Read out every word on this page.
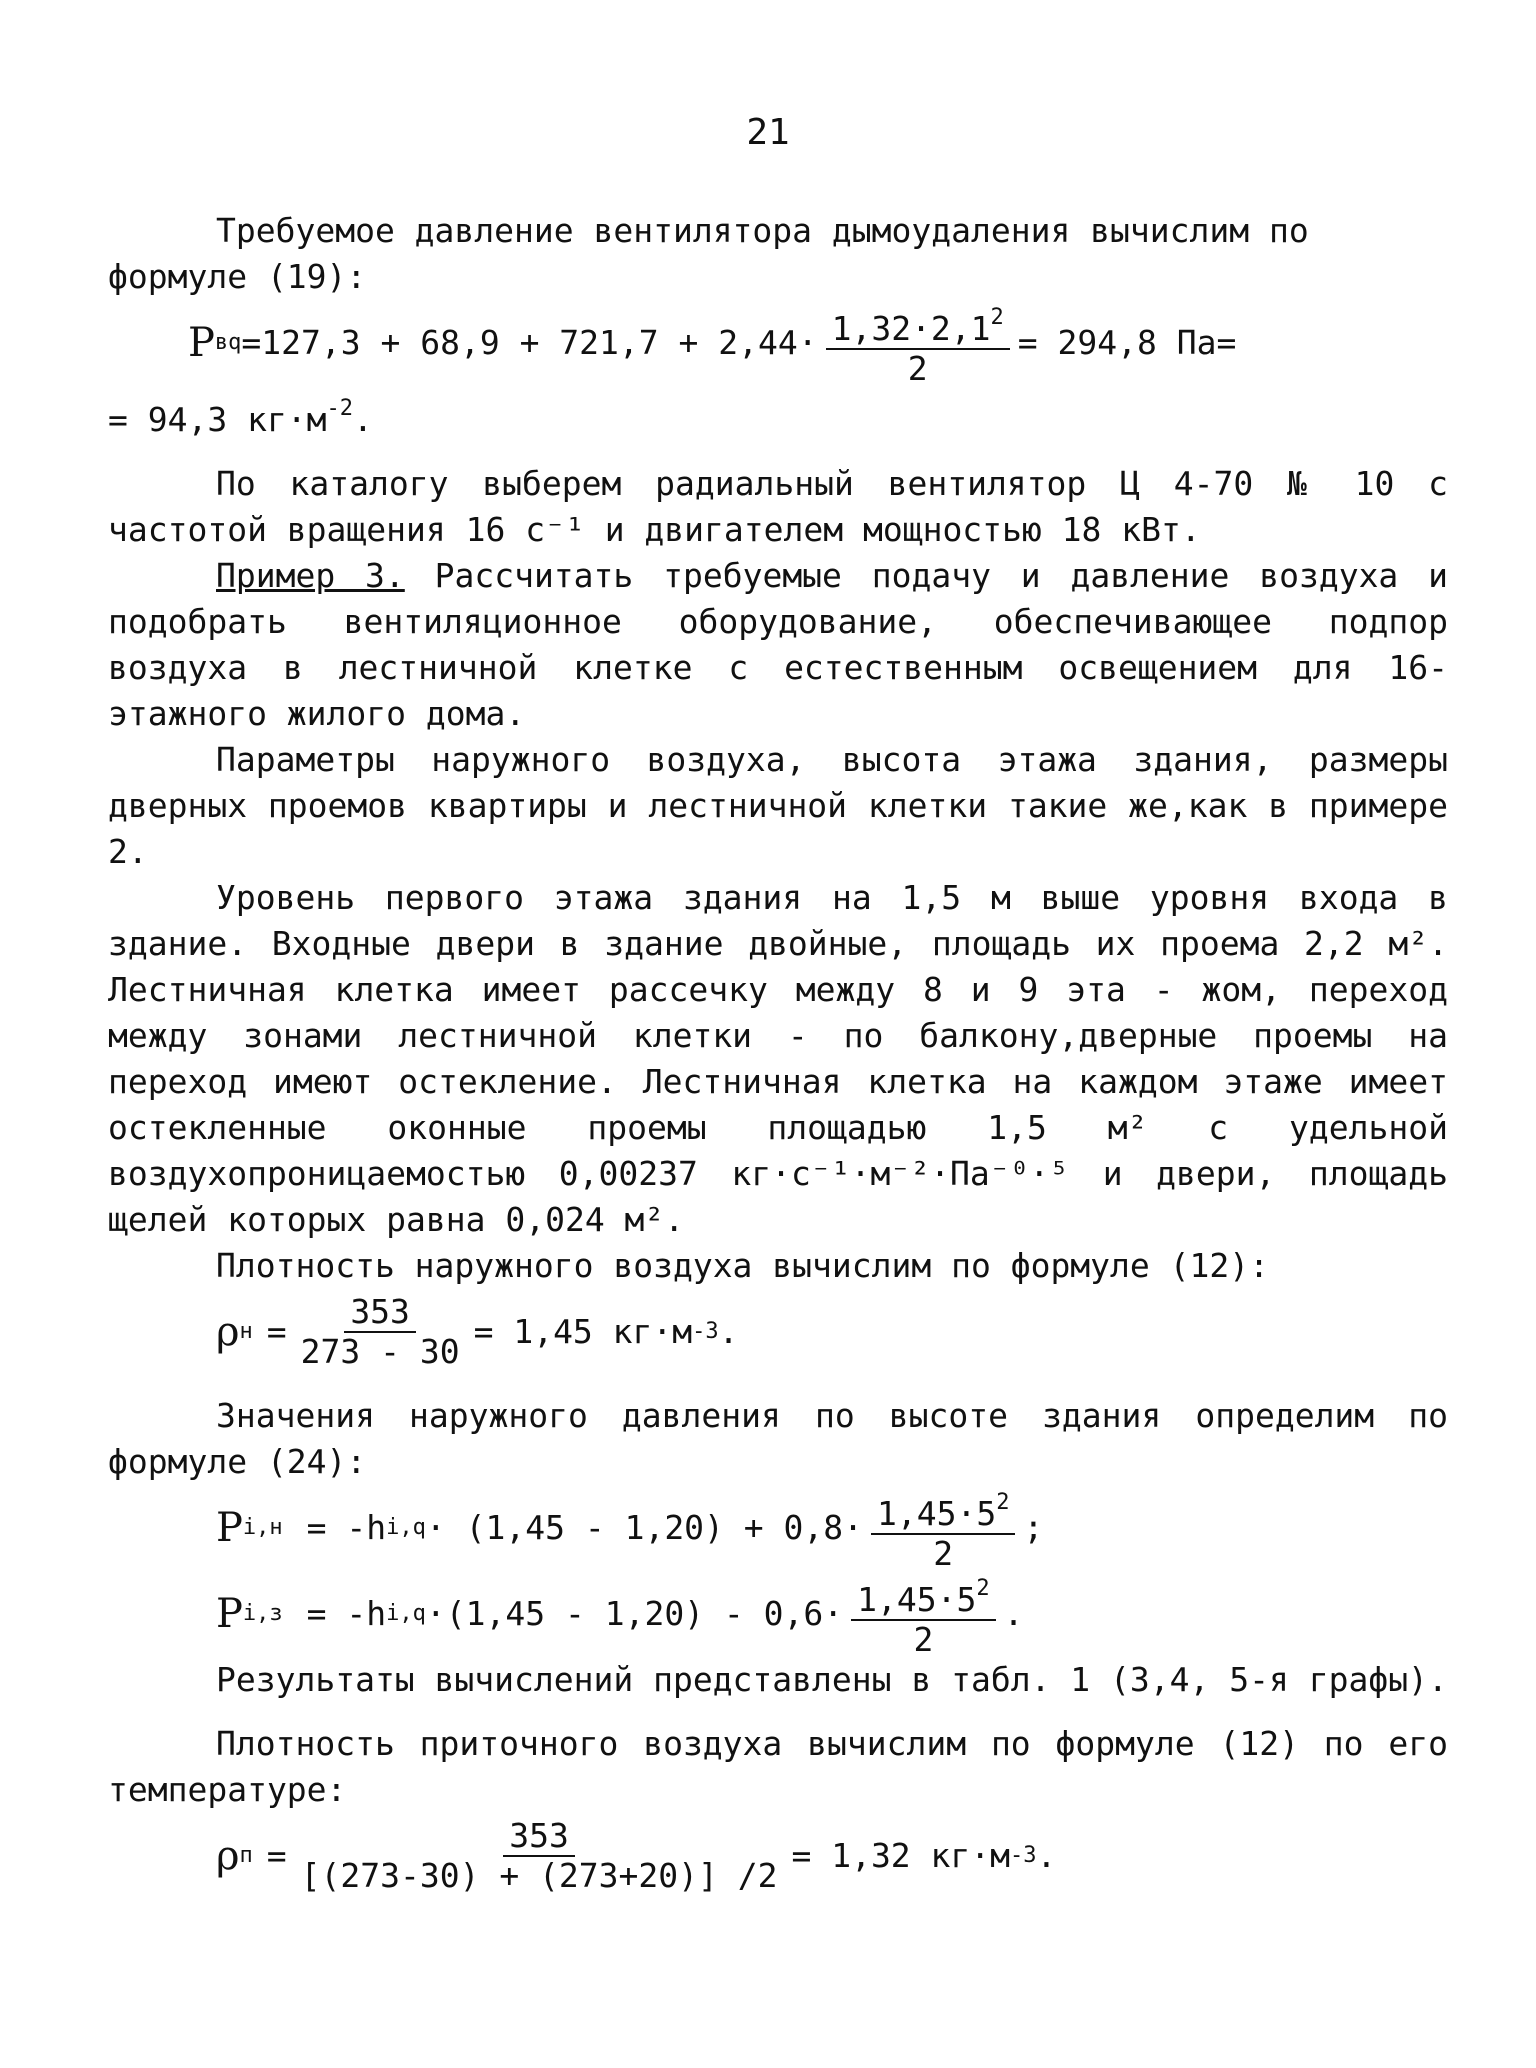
21

Требуемое давление вентилятора дымоудаления вычислим по
формуле (19):

P вq $=127,3 + 68,9 + 721,7 + 2,44\cdot \frac{1,32\cdot 2,1^2}{2} = 294,8$ Па=

= 94,3 $кг\cdot м^{-2}$.

По каталогу выберем радиальный вентилятор Ц 4-70 № 10 с частотой вращения 16 с⁻¹ и двигателем мощностью 18 кВт.

Пример 3. Рассчитать требуемые подачу и давление воздуха и подобрать вентиляционное оборудование, обеспечивающее подпор воздуха в лестничной клетке с естественным освещением для 16-этажного жилого дома.

Параметры наружного воздуха, высота этажа здания, размеры дверных проемов квартиры и лестничной клетки такие же,как в примере 2.

Уровень первого этажа здания на 1,5 м выше уровня входа в здание. Входные двери в здание двойные, площадь их проема 2,2 м². Лестничная клетка имеет рассечку между 8 и 9 эта - жом, переход между зонами лестничной клетки - по балкону,дверные проемы на переход имеют остекление. Лестничная клетка на каждом этаже имеет остекленные оконные проемы площадью 1,5 м² с удельной воздухопроницаемостью 0,00237 кг·с⁻¹·м⁻²·Па⁻⁰·⁵ и двери, площадь щелей которых равна 0,024 м².

Плотность наружного воздуха вычислим по формуле (12):

ρ $н = \frac{353}{273 - 30} = 1,45$ кг·м -3 .

Значения наружного давления по высоте здания определим по формуле (24):

P i,н = -h $i,q \cdot (1,45 - 1,20) + 0,8\cdot \frac{1,45\cdot 5^2}{2}$ ;
P i,з = -h $i,q \cdot(1,45 - 1,20) - 0,6\cdot \frac{1,45\cdot 5^2}{2}$ .

Результаты вычислений представлены в табл. 1 (3,4, 5-я графы).

Плотность приточного воздуха вычислим по формуле (12) по его температуре:

ρ $п = \frac{353}{[(273-30) + (273+20)] /2} = 1,32$ кг·м -3 .
